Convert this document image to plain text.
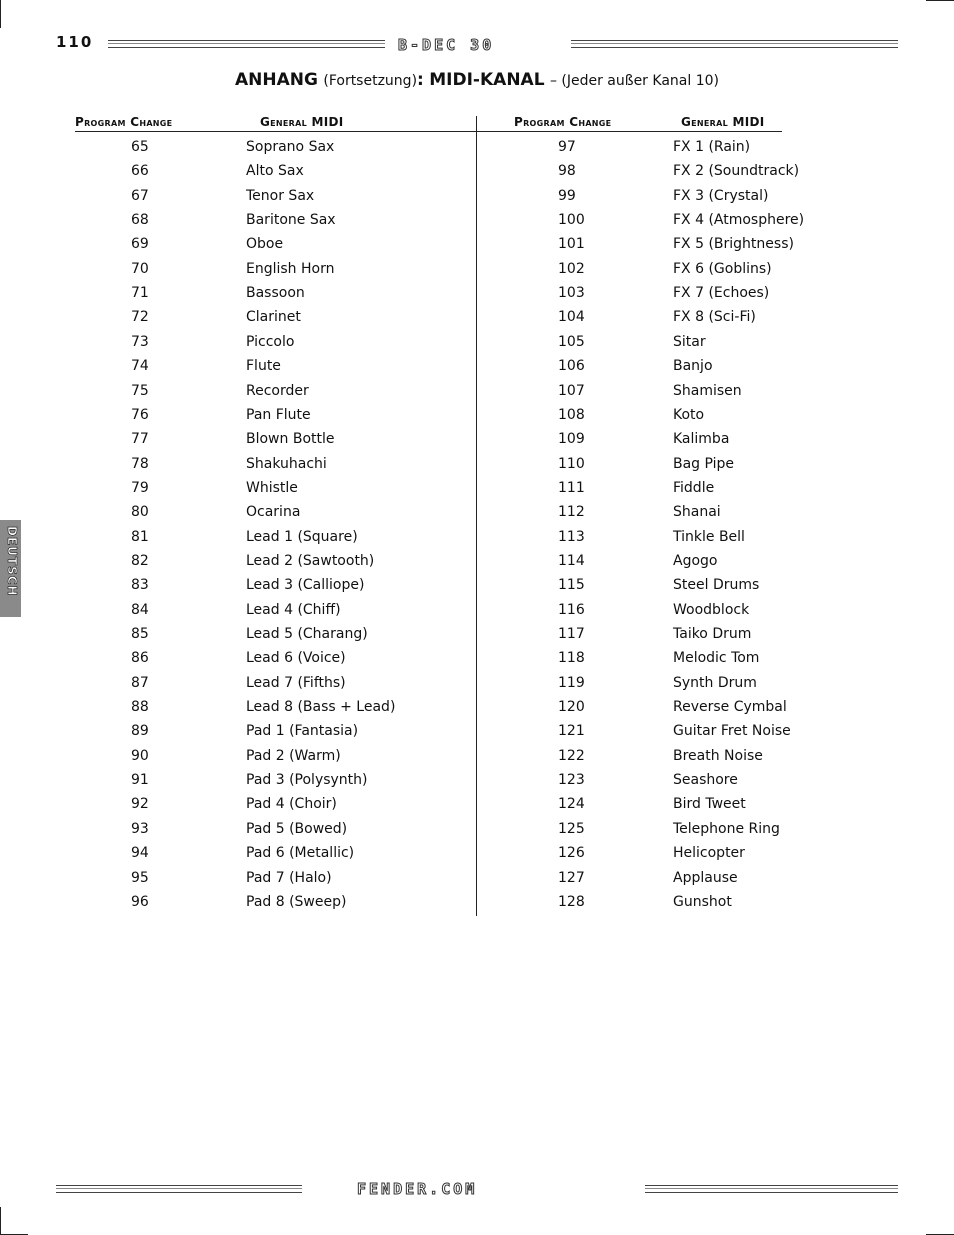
110	B-DEC 30
ANHANG (Fortsetzung): MIDI-KANAL – (Jeder außer Kanal 10)
Program Change	General MIDI	Program Change	General MIDI
65	Soprano Sax
66	Alto Sax
67	Tenor Sax
68	Baritone Sax
69	Oboe
70	English Horn
71	Bassoon
72	Clarinet
73	Piccolo
74	Flute
75	Recorder
76	Pan Flute
77	Blown Bottle
78	Shakuhachi
79	Whistle
80	Ocarina
81	Lead 1 (Square)
82	Lead 2 (Sawtooth)
83	Lead 3 (Calliope)
84	Lead 4 (Chiff)
85	Lead 5 (Charang)
86	Lead 6 (Voice)
87	Lead 7 (Fifths)
88	Lead 8 (Bass + Lead)
89	Pad 1 (Fantasia)
90	Pad 2 (Warm)
91	Pad 3 (Polysynth)
92	Pad 4 (Choir)
93	Pad 5 (Bowed)
94	Pad 6 (Metallic)
95	Pad 7 (Halo)
96	Pad 8 (Sweep)
97	FX 1 (Rain)
98	FX 2 (Soundtrack)
99	FX 3 (Crystal)
100	FX 4 (Atmosphere)
101	FX 5 (Brightness)
102	FX 6 (Goblins)
103	FX 7 (Echoes)
104	FX 8 (Sci-Fi)
105	Sitar
106	Banjo
107	Shamisen
108	Koto
109	Kalimba
110	Bag Pipe
111	Fiddle
112	Shanai
113	Tinkle Bell
114	Agogo
115	Steel Drums
116	Woodblock
117	Taiko Drum
118	Melodic Tom
119	Synth Drum
120	Reverse Cymbal
121	Guitar Fret Noise
122	Breath Noise
123	Seashore
124	Bird Tweet
125	Telephone Ring
126	Helicopter
127	Applause
128	Gunshot
DEUTSCH
FENDER.COM
